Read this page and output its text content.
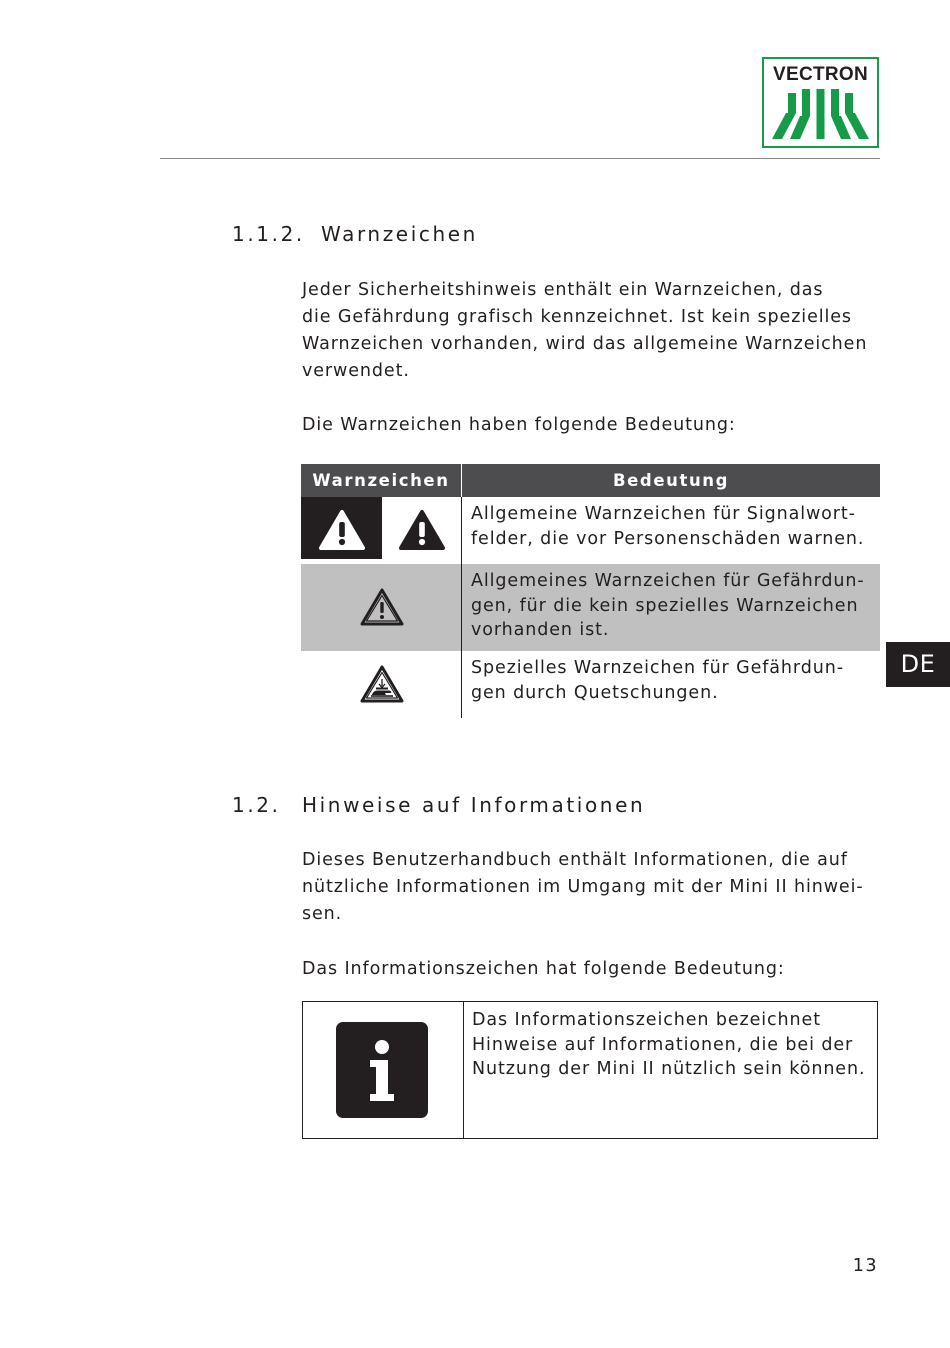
VECTRON
1.1.2. Warnzeichen

Jeder Sicherheitshinweis enthält ein Warnzeichen, das
die Gefährdung grafisch kennzeichnet. Ist kein spezielles
Warnzeichen vorhanden, wird das allgemeine Warnzeichen
verwendet.

Die Warnzeichen haben folgende Bedeutung:

Warnzeichen	Bedeutung

Allgemeine Warnzeichen für Signalwort-
felder, die vor Personenschäden warnen.

Allgemeines Warnzeichen für Gefährdun-
gen, für die kein spezielles Warnzeichen
vorhanden ist.

Spezielles Warnzeichen für Gefährdun-
gen durch Quetschungen.
DE
1.2. Hinweise auf Informationen

Dieses Benutzerhandbuch enthält Informationen, die auf
nützliche Informationen im Umgang mit der Mini II hinwei-
sen.

Das Informationszeichen hat folgende Bedeutung:

Das Informationszeichen bezeichnet
Hinweise auf Informationen, die bei der
Nutzung der Mini II nützlich sein können.
13
